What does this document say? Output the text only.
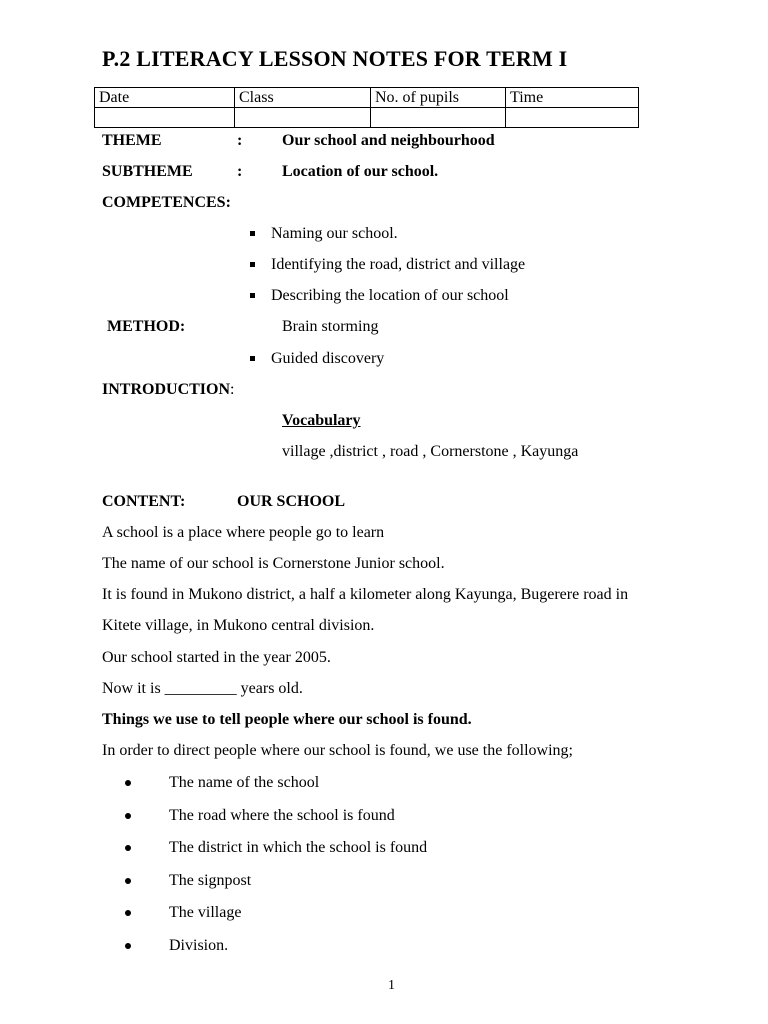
P.2 LITERACY LESSON NOTES FOR TERM I
Date	Class	No. of pupils	Time

THEME	: Our school and neighbourhood
SUBTHEME	: Location of our school.
COMPETENCES:
Naming our school.
Identifying the road, district and village
Describing the location of our school
METHOD:	Brain storming
Guided discovery
INTRODUCTION:
Vocabulary
village ,district , road , Cornerstone , Kayunga
CONTENT:	OUR SCHOOL
A school is a place where people go to learn
The name of our school is Cornerstone Junior school.
It is found in Mukono district, a half a kilometer along Kayunga, Bugerere road in
Kitete village, in Mukono central division.
Our school started in the year 2005.
Now it is _________ years old.
Things we use to tell people where our school is found.
In order to direct people where our school is found, we use the following;
The name of the school
The road where the school is found
The district in which the school is found
The signpost
The village
Division.
1
